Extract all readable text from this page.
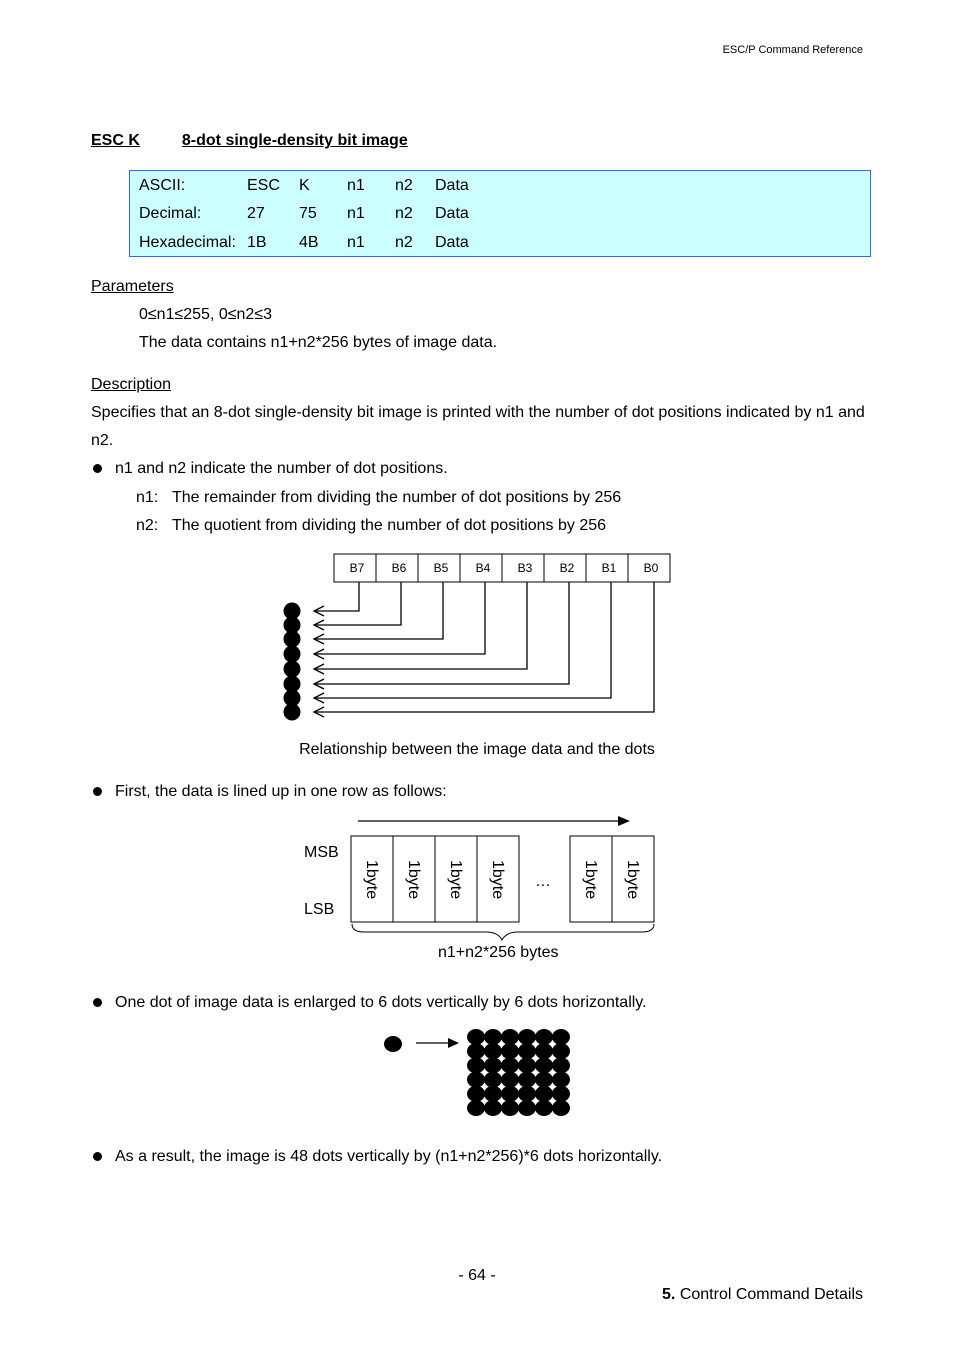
ESC/P Command Reference
ESC K	8-dot single-density bit image
ASCII:	ESC K n1 n2 Data
Decimal:	27 75 n1 n2 Data
Hexadecimal: 1B 4B n1 n2 Data
Parameters
0≤n1≤255, 0≤n2≤3
The data contains n1+n2*256 bytes of image data.
Description
Specifies that an 8-dot single-density bit image is printed with the number of dot positions indicated by n1 and
n2.
n1 and n2 indicate the number of dot positions.
n1: The remainder from dividing the number of dot positions by 256
n2: The quotient from dividing the number of dot positions by 256
B7 B6 B5 B4 B3 B2 B1 B0
Relationship between the image data and the dots
First, the data is lined up in one row as follows:
MSB
LSB
1byte 1byte 1byte 1byte … 1byte 1byte
n1+n2*256 bytes
One dot of image data is enlarged to 6 dots vertically by 6 dots horizontally.
As a result, the image is 48 dots vertically by (n1+n2*256)*6 dots horizontally.
- 64 -
5. Control Command Details
